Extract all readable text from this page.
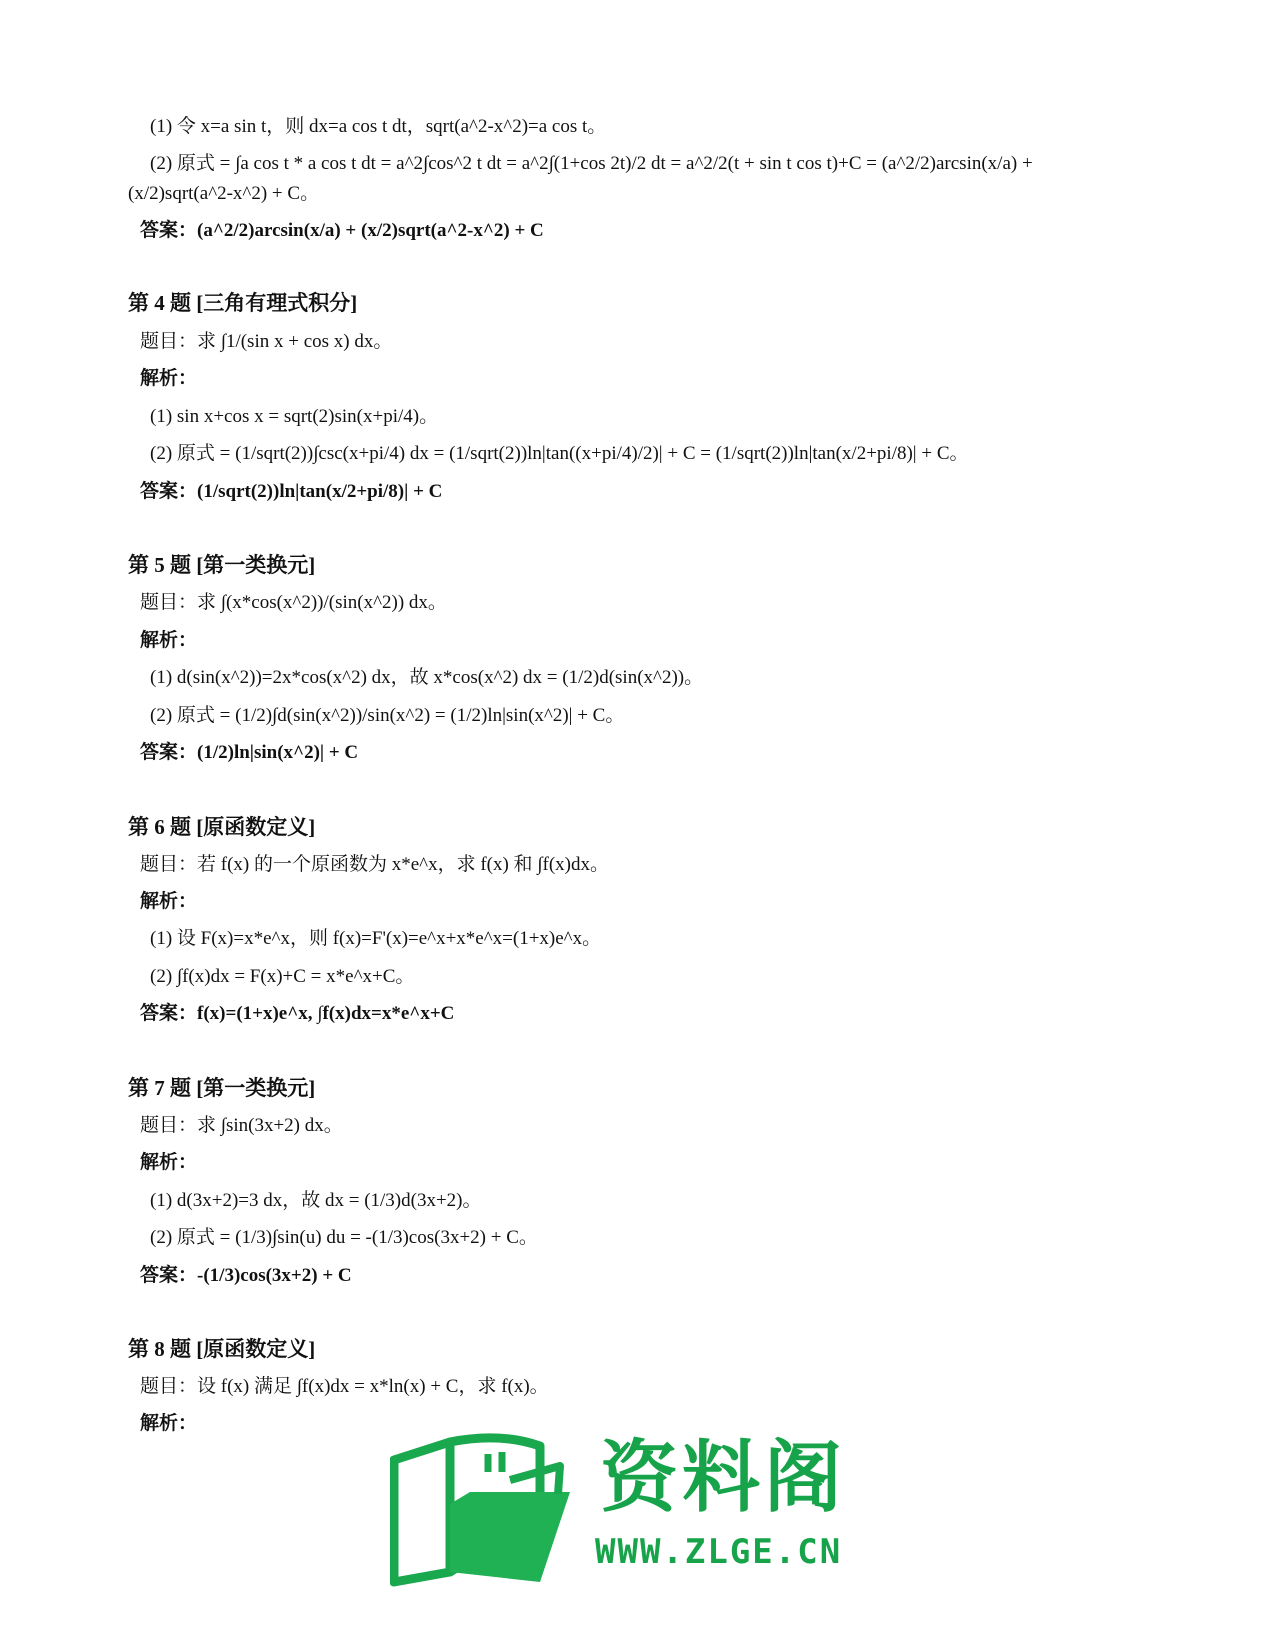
(1) 令 x=a sin t，则 dx=a cos t dt，sqrt(a^2-x^2)=a cos t。
(2) 原式 = ∫a cos t * a cos t dt = a^2∫cos^2 t dt = a^2∫(1+cos 2t)/2 dt = a^2/2(t + sin t cos t)+C = (a^2/2)arcsin(x/a) +
(x/2)sqrt(a^2-x^2) + C。
答案：(a^2/2)arcsin(x/a) + (x/2)sqrt(a^2-x^2) + C
第 4 题 [三角有理式积分]
题目：求 ∫1/(sin x + cos x) dx。
解析：
(1) sin x+cos x = sqrt(2)sin(x+pi/4)。
(2) 原式 = (1/sqrt(2))∫csc(x+pi/4) dx = (1/sqrt(2))ln|tan((x+pi/4)/2)| + C = (1/sqrt(2))ln|tan(x/2+pi/8)| + C。
答案：(1/sqrt(2))ln|tan(x/2+pi/8)| + C
第 5 题 [第一类换元]
题目：求 ∫(x*cos(x^2))/(sin(x^2)) dx。
解析：
(1) d(sin(x^2))=2x*cos(x^2) dx，故 x*cos(x^2) dx = (1/2)d(sin(x^2))。
(2) 原式 = (1/2)∫d(sin(x^2))/sin(x^2) = (1/2)ln|sin(x^2)| + C。
答案：(1/2)ln|sin(x^2)| + C
第 6 题 [原函数定义]
题目：若 f(x) 的一个原函数为 x*e^x，求 f(x) 和 ∫f(x)dx。
解析：
(1) 设 F(x)=x*e^x，则 f(x)=F'(x)=e^x+x*e^x=(1+x)e^x。
(2) ∫f(x)dx = F(x)+C = x*e^x+C。
答案：f(x)=(1+x)e^x, ∫f(x)dx=x*e^x+C
第 7 题 [第一类换元]
题目：求 ∫sin(3x+2) dx。
解析：
(1) d(3x+2)=3 dx，故 dx = (1/3)d(3x+2)。
(2) 原式 = (1/3)∫sin(u) du = -(1/3)cos(3x+2) + C。
答案：-(1/3)cos(3x+2) + C
第 8 题 [原函数定义]
题目：设 f(x) 满足 ∫f(x)dx = x*ln(x) + C，求 f(x)。
解析：
资料阁
WWW.ZLGE.CN
